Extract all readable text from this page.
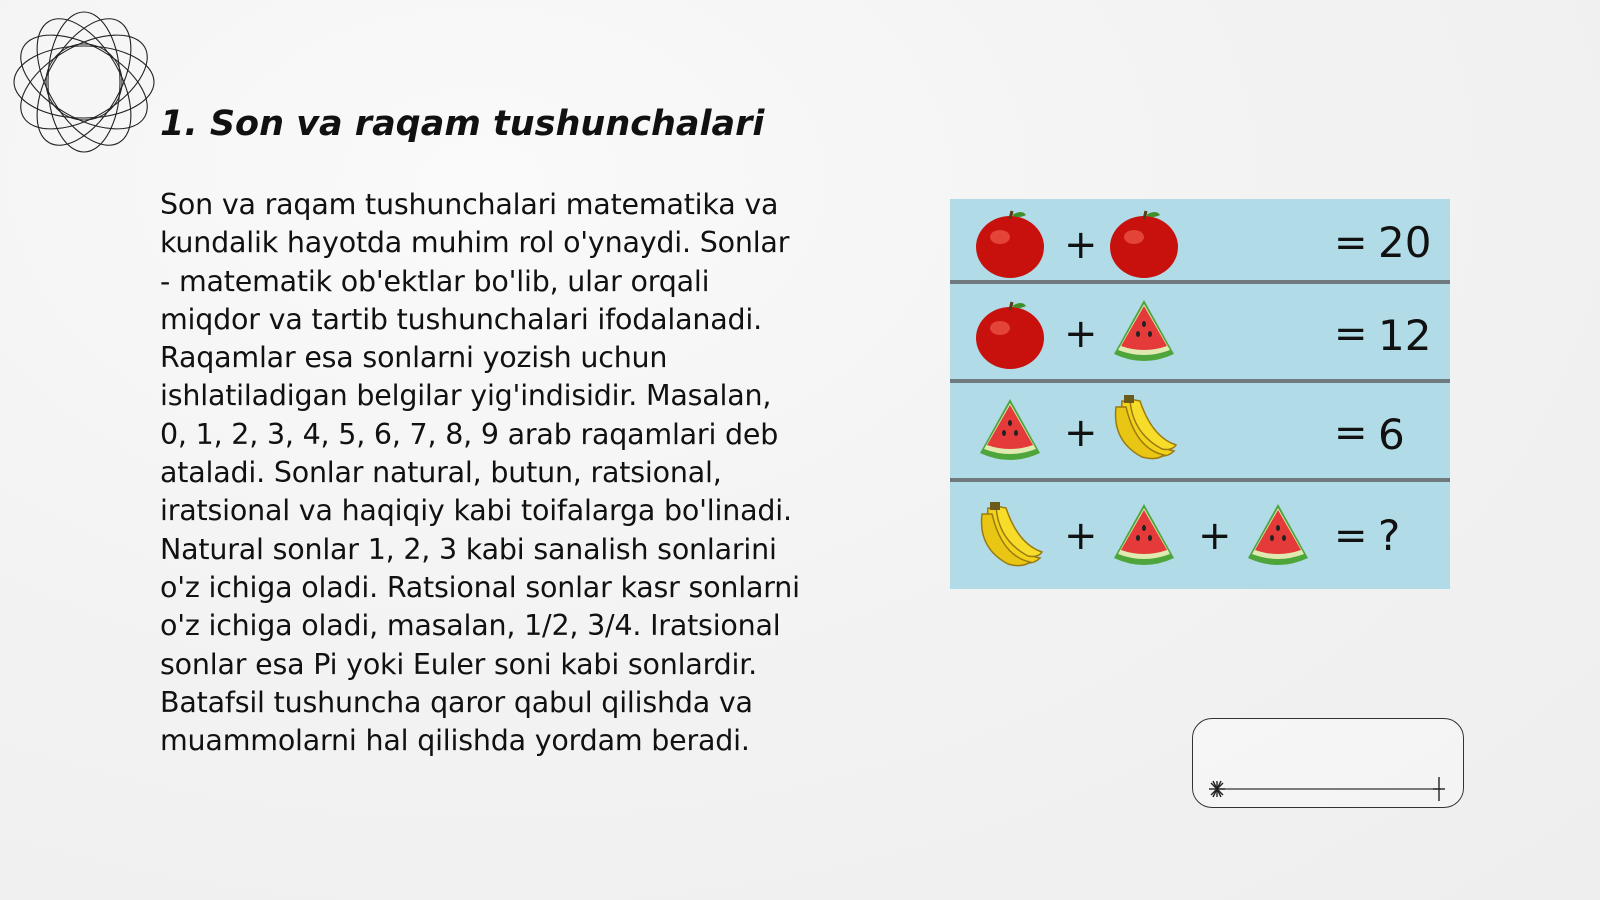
1. Son va raqam tushunchalari

Son va raqam tushunchalari matematika va
kundalik hayotda muhim rol o'ynaydi. Sonlar
- matematik ob'ektlar bo'lib, ular orqali
miqdor va tartib tushunchalari ifodalanadi.
Raqamlar esa sonlarni yozish uchun
ishlatiladigan belgilar yig'indisidir. Masalan,
0, 1, 2, 3, 4, 5, 6, 7, 8, 9 arab raqamlari deb
ataladi. Sonlar natural, butun, ratsional,
iratsional va haqiqiy kabi toifalarga bo'linadi.
Natural sonlar 1, 2, 3 kabi sanalish sonlarini
o'z ichiga oladi. Ratsional sonlar kasr sonlarni
o'z ichiga oladi, masalan, 1/2, 3/4. Iratsional
sonlar esa Pi yoki Euler soni kabi sonlardir.
Batafsil tushuncha qaror qabul qilishda va
muammolarni hal qilishda yordam beradi.

+	= 20
+	= 12
+	= 6
+	+	= ?
